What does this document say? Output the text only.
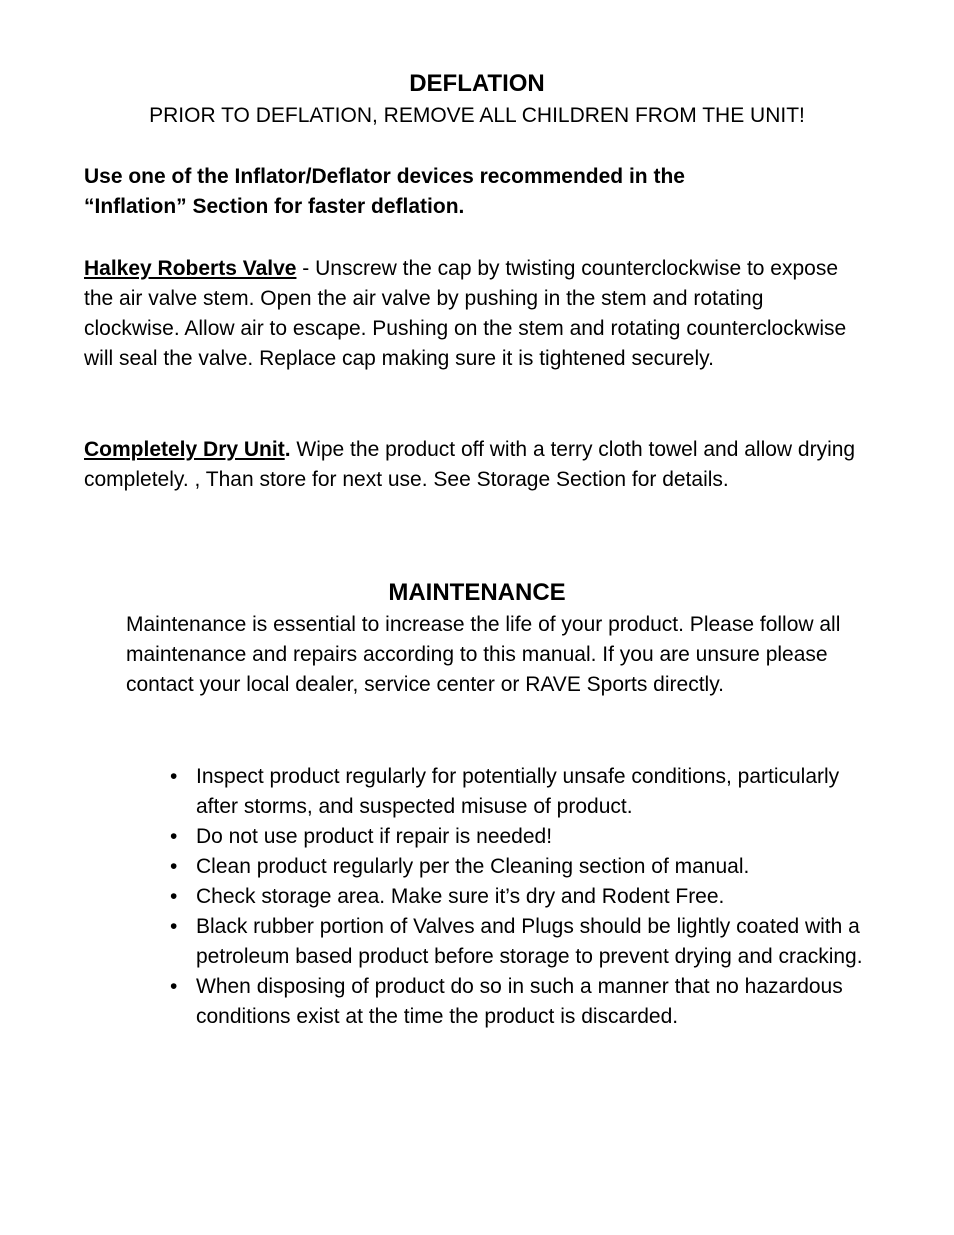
DEFLATION
PRIOR TO DEFLATION, REMOVE ALL CHILDREN FROM THE UNIT!

Use one of the Inflator/Deflator devices recommended in the “Inflation” Section for faster deflation.

Halkey Roberts Valve - Unscrew the cap by twisting counterclockwise to expose the air valve stem. Open the air valve by pushing in the stem and rotating clockwise. Allow air to escape. Pushing on the stem and rotating counterclockwise will seal the valve. Replace cap making sure it is tightened securely.

Completely Dry Unit. Wipe the product off with a terry cloth towel and allow drying completely. , Than store for next use. See Storage Section for details.

MAINTENANCE

Maintenance is essential to increase the life of your product. Please follow all maintenance and repairs according to this manual. If you are unsure please contact your local dealer, service center or RAVE Sports directly.

• Inspect product regularly for potentially unsafe conditions, particularly after storms, and suspected misuse of product.
• Do not use product if repair is needed!
• Clean product regularly per the Cleaning section of manual.
• Check storage area. Make sure it’s dry and Rodent Free.
• Black rubber portion of Valves and Plugs should be lightly coated with a petroleum based product before storage to prevent drying and cracking.
• When disposing of product do so in such a manner that no hazardous conditions exist at the time the product is discarded.
